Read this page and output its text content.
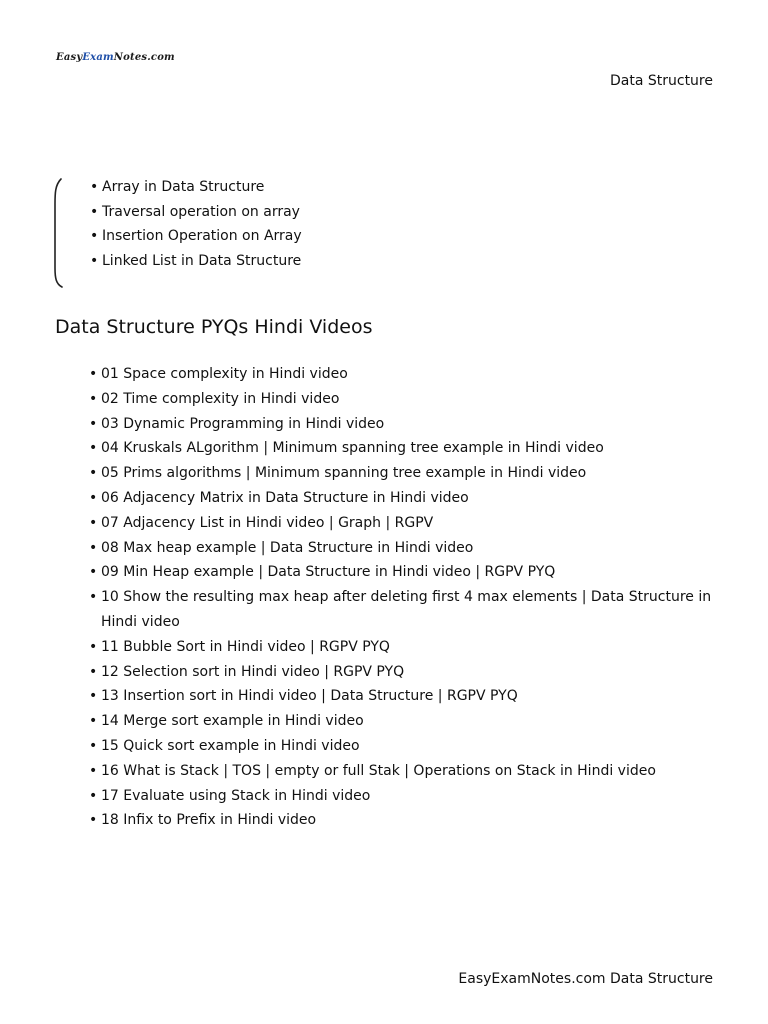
EasyExamNotes.com
Data Structure
• Array in Data Structure
• Traversal operation on array
• Insertion Operation on Array
• Linked List in Data Structure
Data Structure PYQs Hindi Videos
• 01 Space complexity in Hindi video
• 02 Time complexity in Hindi video
• 03 Dynamic Programming in Hindi video
• 04 Kruskals ALgorithm | Minimum spanning tree example in Hindi video
• 05 Prims algorithms | Minimum spanning tree example in Hindi video
• 06 Adjacency Matrix in Data Structure in Hindi video
• 07 Adjacency List in Hindi video | Graph | RGPV
• 08 Max heap example | Data Structure in Hindi video
• 09 Min Heap example | Data Structure in Hindi video | RGPV PYQ
• 10 Show the resulting max heap after deleting first 4 max elements | Data Structure in Hindi video
• 11 Bubble Sort in Hindi video | RGPV PYQ
• 12 Selection sort in Hindi video | RGPV PYQ
• 13 Insertion sort in Hindi video | Data Structure | RGPV PYQ
• 14 Merge sort example in Hindi video
• 15 Quick sort example in Hindi video
• 16 What is Stack | TOS | empty or full Stak | Operations on Stack in Hindi video
• 17 Evaluate using Stack in Hindi video
• 18 Infix to Prefix in Hindi video
EasyExamNotes.com Data Structure
